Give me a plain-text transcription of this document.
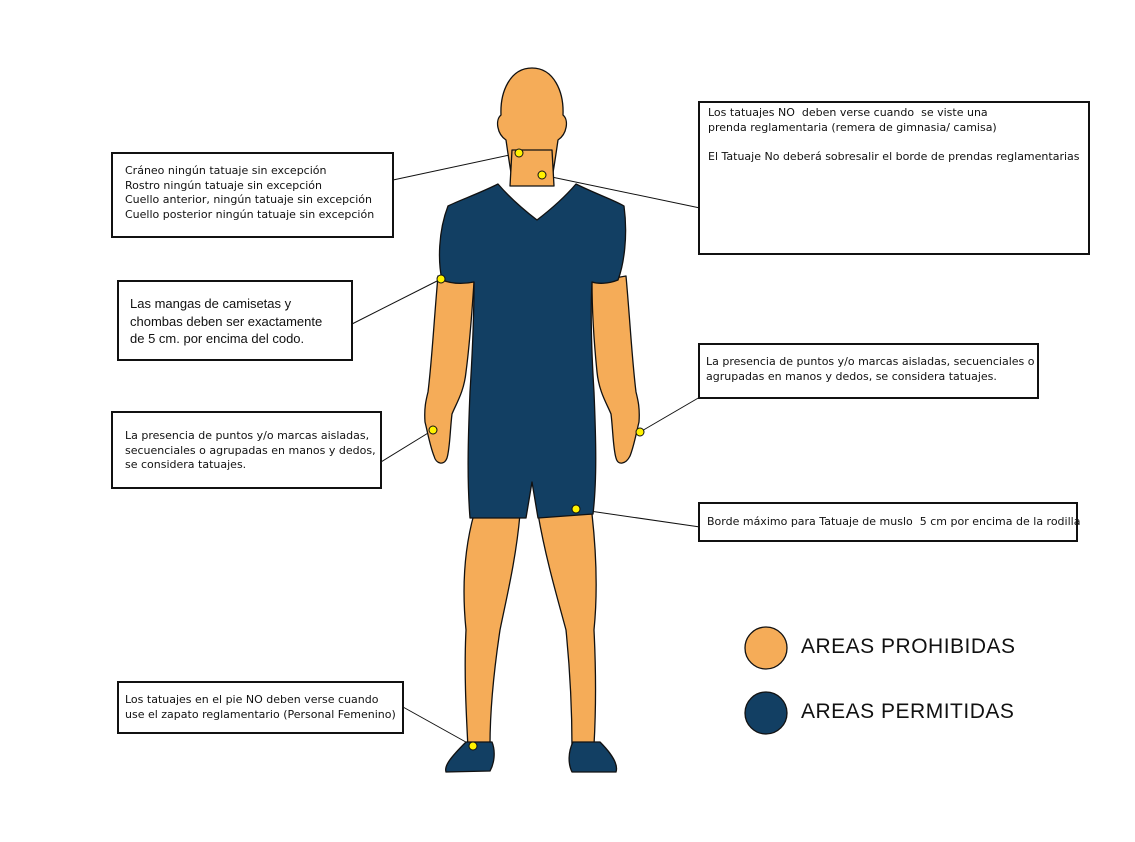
Cráneo ningún tatuaje sin excepción
Rostro ningún tatuaje sin excepción
Cuello anterior, ningún tatuaje sin excepción
Cuello posterior ningún tatuaje sin excepción
Las mangas de camisetas y
chombas deben ser exactamente
de 5 cm. por encima del codo.
La presencia de puntos y/o marcas aisladas,
secuenciales o agrupadas en manos y dedos,
se considera tatuajes.
Los tatuajes en el pie NO deben verse cuando
use el zapato reglamentario (Personal Femenino)
Los tatuajes NO  deben verse cuando  se viste una
prenda reglamentaria (remera de gimnasia/ camisa)
El Tatuaje No deberá sobresalir el borde de prendas reglamentarias
La presencia de puntos y/o marcas aisladas, secuenciales o
agrupadas en manos y dedos, se considera tatuajes.
Borde máximo para Tatuaje de muslo  5 cm por encima de la rodilla
AREAS PROHIBIDAS
AREAS PERMITIDAS
